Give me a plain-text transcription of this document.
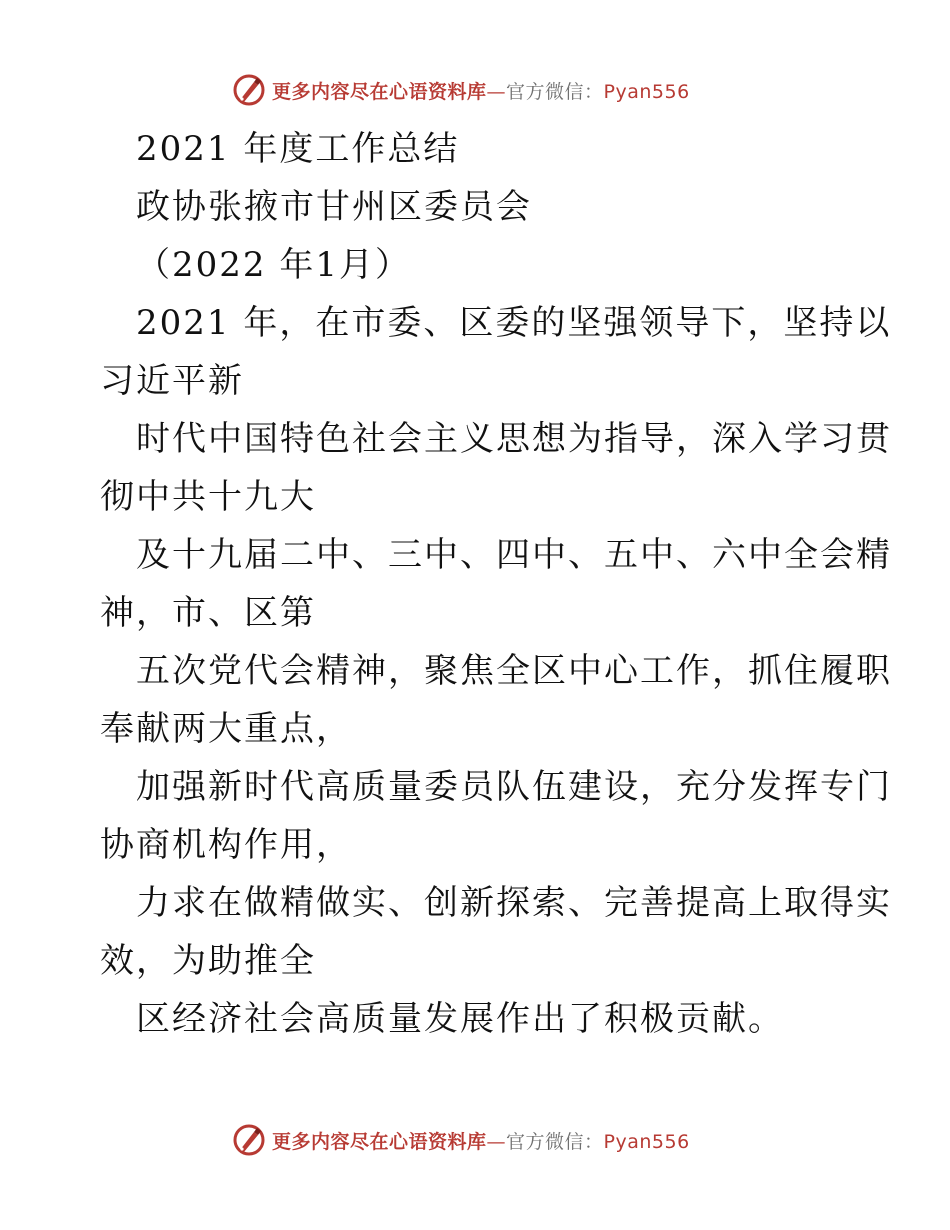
更多内容尽在心语资料库—官方微信：Pyan556
2021 年度工作总结
政协张掖市甘州区委员会
（2022 年1月）
2021 年，在市委、区委的坚强领导下，坚持以
习近平新
时代中国特色社会主义思想为指导，深入学习贯
彻中共十九大
及十九届二中、三中、四中、五中、六中全会精
神，市、区第
五次党代会精神，聚焦全区中心工作，抓住履职
奉献两大重点，
加强新时代高质量委员队伍建设，充分发挥专门
协商机构作用，
力求在做精做实、创新探索、完善提高上取得实
效，为助推全
区经济社会高质量发展作出了积极贡献。
更多内容尽在心语资料库—官方微信：Pyan556
